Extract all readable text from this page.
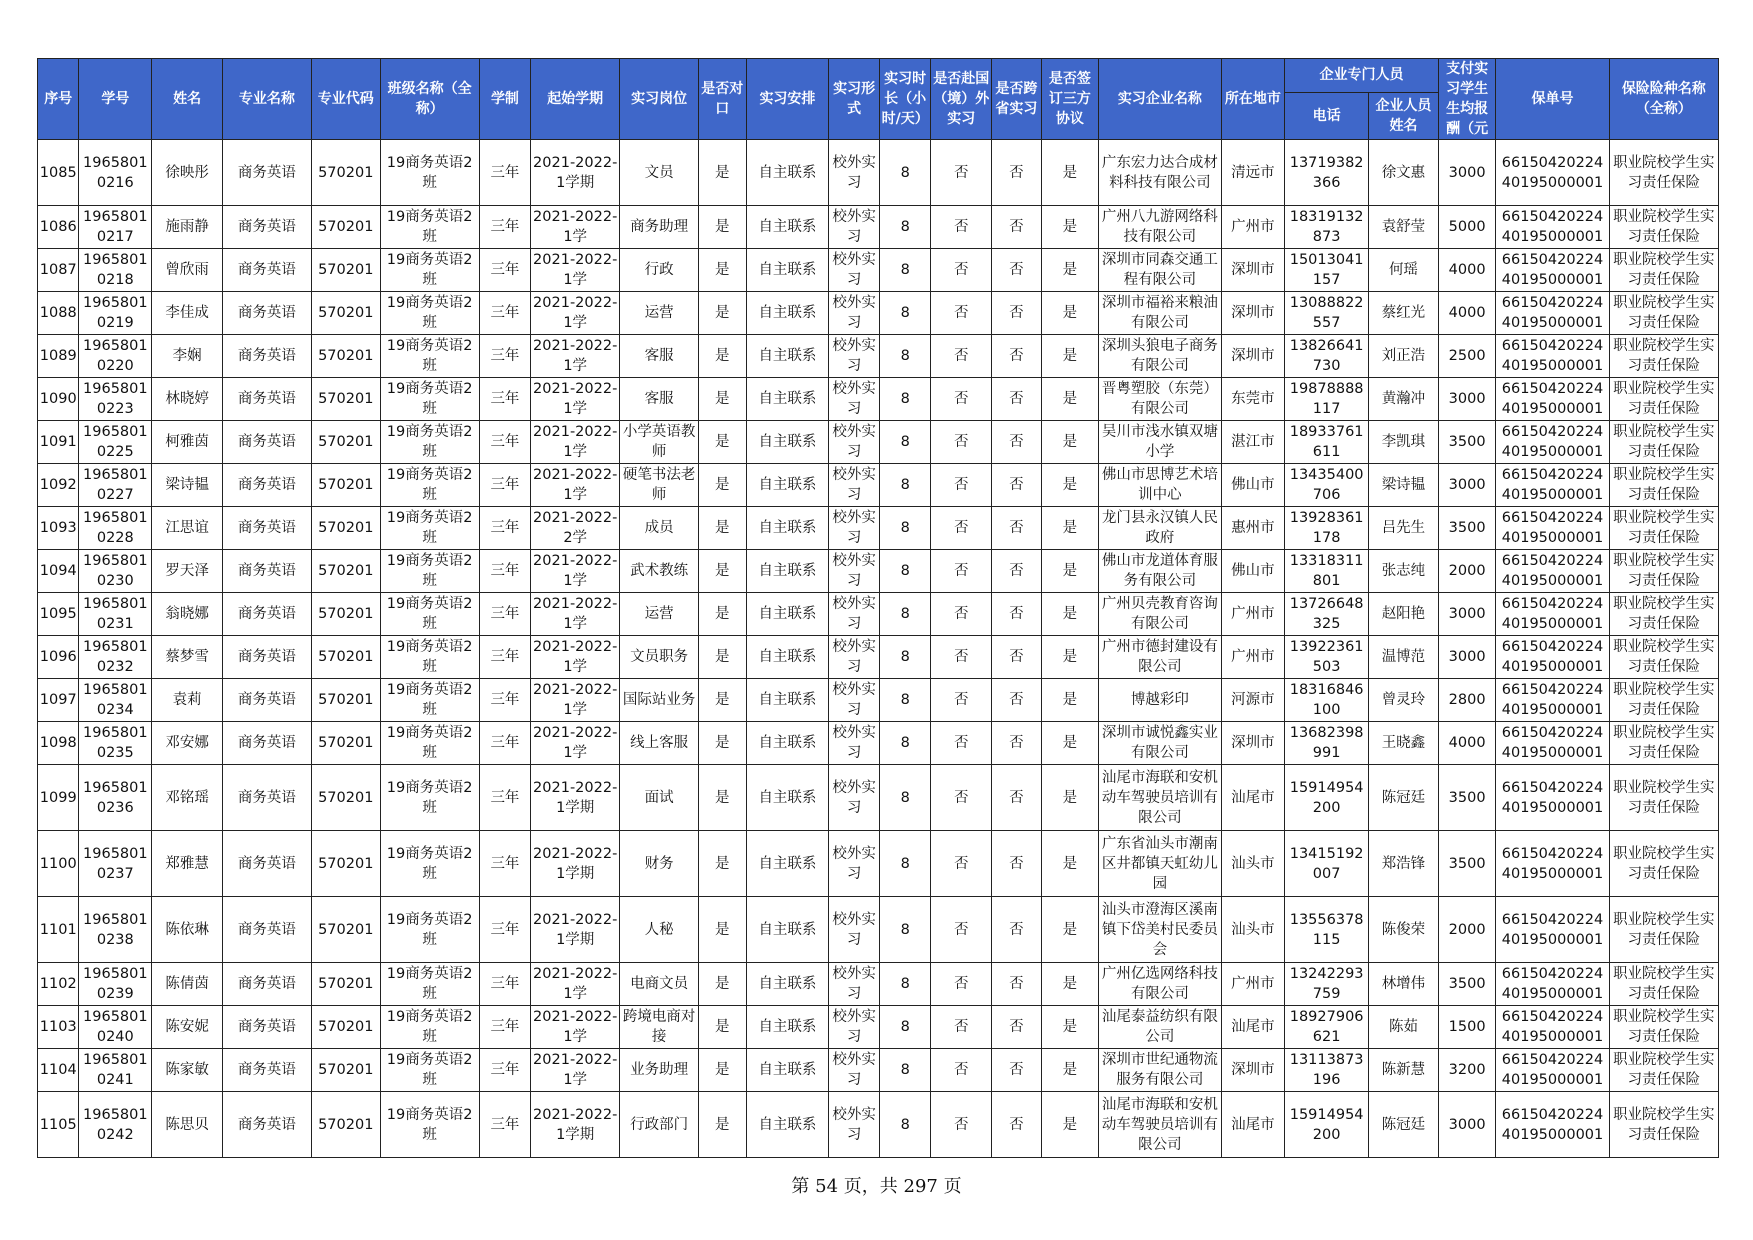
序号	学号	姓名	专业名称	专业代码	班级名称（全称）	学制	起始学期	实习岗位	是否对口	实习安排	实习形式	实习时长（小时/天）	是否赴国（境）外实习	是否跨省实习	是否签订三方协议	实习企业名称	所在地市	企业专门人员		支付实习学生生均报酬（元	保单号	保险险种名称（全称）
																		电话	企业人员姓名			

1085	19658010216	徐映彤	商务英语	570201	19商务英语2班	三年	2021-2022-1学期	文员	是	自主联系	校外实习	8	否	否	是	广东宏力达合成材料科技有限公司	清远市	13719382366	徐文惠	3000	6615042022440195000001	职业院校学生实习责任保险

1086	19658010217	施雨静	商务英语	570201	19商务英语2班	三年	2021-2022-1学	商务助理	是	自主联系	校外实习	8	否	否	是	广州八九游网络科技有限公司	广州市	18319132873	袁舒莹	5000	6615042022440195000001	职业院校学生实习责任保险

1087	19658010218	曾欣雨	商务英语	570201	19商务英语2班	三年	2021-2022-1学	行政	是	自主联系	校外实习	8	否	否	是	深圳市同森交通工程有限公司	深圳市	15013041157	何瑶	4000	6615042022440195000001	职业院校学生实习责任保险

1088	19658010219	李佳成	商务英语	570201	19商务英语2班	三年	2021-2022-1学	运营	是	自主联系	校外实习	8	否	否	是	深圳市福裕来粮油有限公司	深圳市	13088822557	蔡红光	4000	6615042022440195000001	职业院校学生实习责任保险

1089	19658010220	李娴	商务英语	570201	19商务英语2班	三年	2021-2022-1学	客服	是	自主联系	校外实习	8	否	否	是	深圳头狼电子商务有限公司	深圳市	13826641730	刘正浩	2500	6615042022440195000001	职业院校学生实习责任保险

1090	19658010223	林晓婷	商务英语	570201	19商务英语2班	三年	2021-2022-1学	客服	是	自主联系	校外实习	8	否	否	是	晋粤塑胶（东莞）有限公司	东莞市	19878888117	黄瀚冲	3000	6615042022440195000001	职业院校学生实习责任保险

1091	19658010225	柯雅茵	商务英语	570201	19商务英语2班	三年	2021-2022-1学	小学英语教师	是	自主联系	校外实习	8	否	否	是	吴川市浅水镇双塘小学	湛江市	18933761611	李凯琪	3500	6615042022440195000001	职业院校学生实习责任保险

1092	19658010227	梁诗韫	商务英语	570201	19商务英语2班	三年	2021-2022-1学	硬笔书法老师	是	自主联系	校外实习	8	否	否	是	佛山市思博艺术培训中心	佛山市	13435400706	梁诗韫	3000	6615042022440195000001	职业院校学生实习责任保险

1093	19658010228	江思谊	商务英语	570201	19商务英语2班	三年	2021-2022-2学	成员	是	自主联系	校外实习	8	否	否	是	龙门县永汉镇人民政府	惠州市	13928361178	吕先生	3500	6615042022440195000001	职业院校学生实习责任保险

1094	19658010230	罗天泽	商务英语	570201	19商务英语2班	三年	2021-2022-1学	武术教练	是	自主联系	校外实习	8	否	否	是	佛山市龙道体育服务有限公司	佛山市	13318311801	张志纯	2000	6615042022440195000001	职业院校学生实习责任保险

1095	19658010231	翁晓娜	商务英语	570201	19商务英语2班	三年	2021-2022-1学	运营	是	自主联系	校外实习	8	否	否	是	广州贝壳教育咨询有限公司	广州市	13726648325	赵阳艳	3000	6615042022440195000001	职业院校学生实习责任保险

1096	19658010232	蔡梦雪	商务英语	570201	19商务英语2班	三年	2021-2022-1学	文员职务	是	自主联系	校外实习	8	否	否	是	广州市德封建设有限公司	广州市	13922361503	温博范	3000	6615042022440195000001	职业院校学生实习责任保险

1097	19658010234	袁莉	商务英语	570201	19商务英语2班	三年	2021-2022-1学	国际站业务	是	自主联系	校外实习	8	否	否	是	博越彩印	河源市	18316846100	曾灵玲	2800	6615042022440195000001	职业院校学生实习责任保险

1098	19658010235	邓安娜	商务英语	570201	19商务英语2班	三年	2021-2022-1学	线上客服	是	自主联系	校外实习	8	否	否	是	深圳市诚悦鑫实业有限公司	深圳市	13682398991	王晓鑫	4000	6615042022440195000001	职业院校学生实习责任保险

1099	19658010236	邓铭瑶	商务英语	570201	19商务英语2班	三年	2021-2022-1学期	面试	是	自主联系	校外实习	8	否	否	是	汕尾市海联和安机动车驾驶员培训有限公司	汕尾市	15914954200	陈冠廷	3500	6615042022440195000001	职业院校学生实习责任保险

1100	19658010237	郑雅慧	商务英语	570201	19商务英语2班	三年	2021-2022-1学期	财务	是	自主联系	校外实习	8	否	否	是	广东省汕头市潮南区井都镇天虹幼儿园	汕头市	13415192007	郑浩锋	3500	6615042022440195000001	职业院校学生实习责任保险

1101	19658010238	陈依琳	商务英语	570201	19商务英语2班	三年	2021-2022-1学期	人秘	是	自主联系	校外实习	8	否	否	是	汕头市澄海区溪南镇下岱美村民委员会	汕头市	13556378115	陈俊荣	2000	6615042022440195000001	职业院校学生实习责任保险

1102	19658010239	陈倩茵	商务英语	570201	19商务英语2班	三年	2021-2022-1学	电商文员	是	自主联系	校外实习	8	否	否	是	广州亿选网络科技有限公司	广州市	13242293759	林增伟	3500	6615042022440195000001	职业院校学生实习责任保险

1103	19658010240	陈安妮	商务英语	570201	19商务英语2班	三年	2021-2022-1学	跨境电商对接	是	自主联系	校外实习	8	否	否	是	汕尾泰益纺织有限公司	汕尾市	18927906621	陈茹	1500	6615042022440195000001	职业院校学生实习责任保险

1104	19658010241	陈家敏	商务英语	570201	19商务英语2班	三年	2021-2022-1学	业务助理	是	自主联系	校外实习	8	否	否	是	深圳市世纪通物流服务有限公司	深圳市	13113873196	陈新慧	3200	6615042022440195000001	职业院校学生实习责任保险

1105	19658010242	陈思贝	商务英语	570201	19商务英语2班	三年	2021-2022-1学期	行政部门	是	自主联系	校外实习	8	否	否	是	汕尾市海联和安机动车驾驶员培训有限公司	汕尾市	15914954200	陈冠廷	3000	6615042022440195000001	职业院校学生实习责任保险
第 54 页，共 297 页
